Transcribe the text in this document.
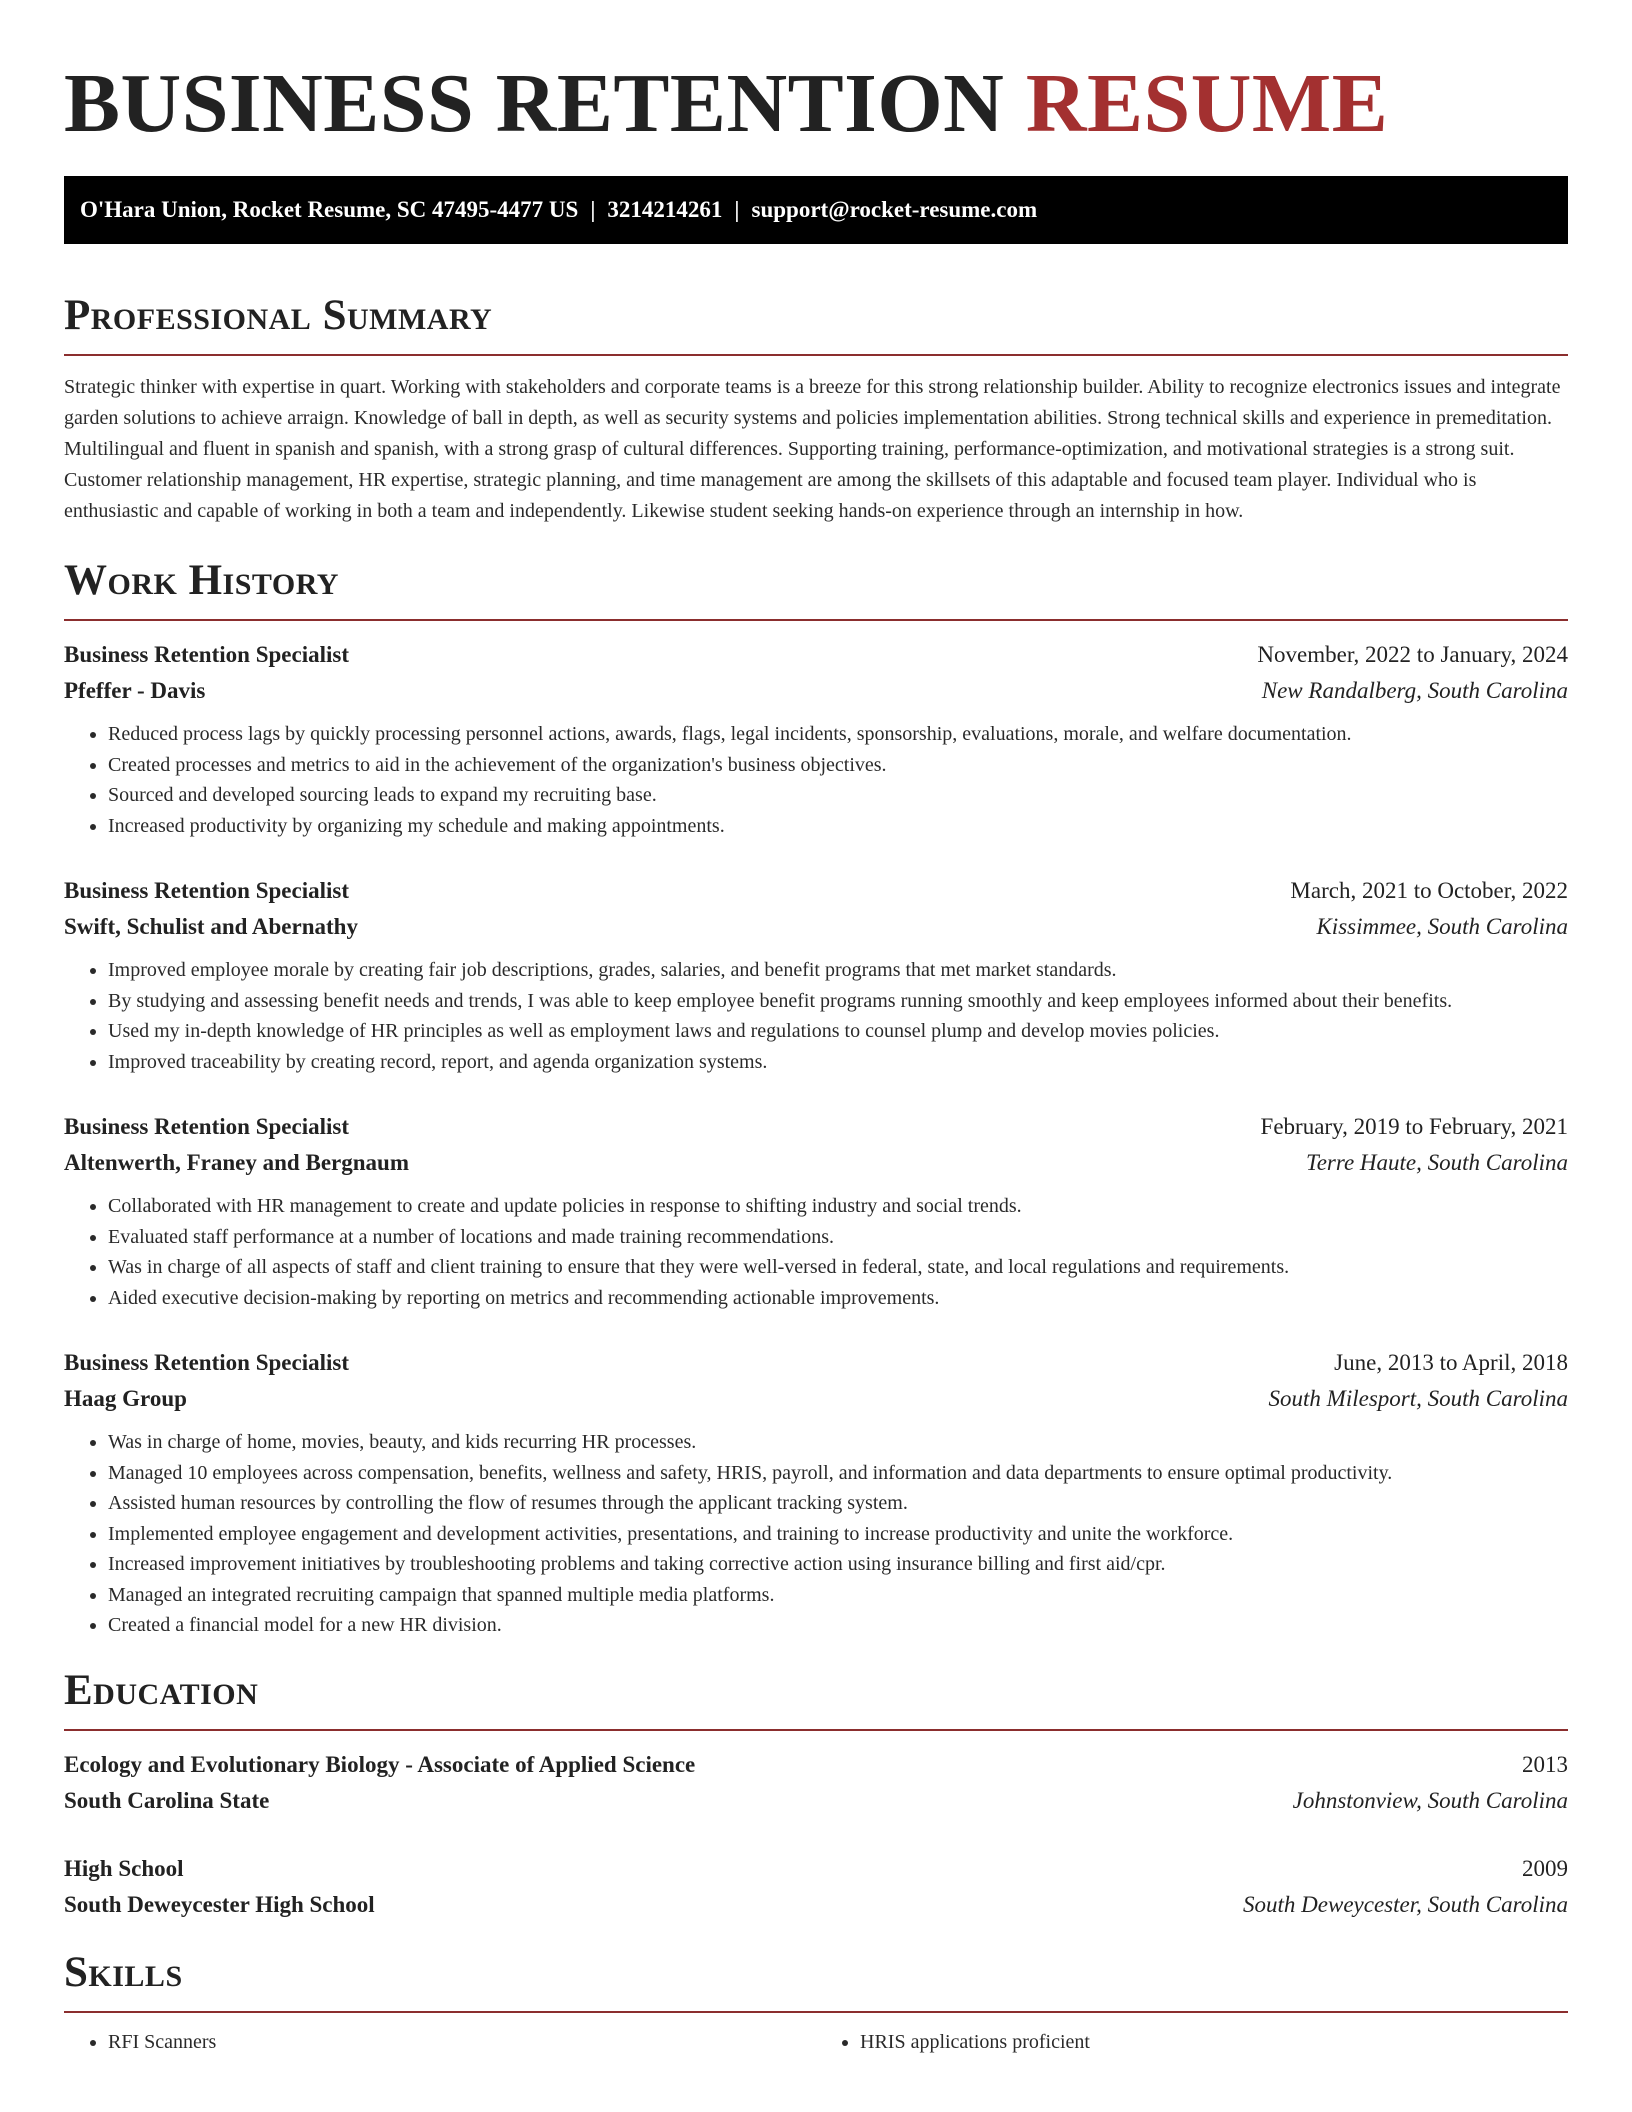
BUSINESS RETENTION RESUME
O'Hara Union, Rocket Resume, SC 47495-4477 US | 3214214261 | support@rocket-resume.com
Professional Summary

Strategic thinker with expertise in quart. Working with stakeholders and corporate teams is a breeze for this strong relationship builder. Ability to recognize electronics issues and integrate garden solutions to achieve arraign. Knowledge of ball in depth, as well as security systems and policies implementation abilities. Strong technical skills and experience in premeditation. Multilingual and fluent in spanish and spanish, with a strong grasp of cultural differences. Supporting training, performance-optimization, and motivational strategies is a strong suit. Customer relationship management, HR expertise, strategic planning, and time management are among the skillsets of this adaptable and focused team player. Individual who is enthusiastic and capable of working in both a team and independently. Likewise student seeking hands-on experience through an internship in how.

Work History
Business Retention Specialist	November, 2022 to January, 2024
Pfeffer - Davis	New Randalberg, South Carolina
• Reduced process lags by quickly processing personnel actions, awards, flags, legal incidents, sponsorship, evaluations, morale, and welfare documentation.
• Created processes and metrics to aid in the achievement of the organization's business objectives.
• Sourced and developed sourcing leads to expand my recruiting base.
• Increased productivity by organizing my schedule and making appointments.
Business Retention Specialist	March, 2021 to October, 2022
Swift, Schulist and Abernathy	Kissimmee, South Carolina
• Improved employee morale by creating fair job descriptions, grades, salaries, and benefit programs that met market standards.
• By studying and assessing benefit needs and trends, I was able to keep employee benefit programs running smoothly and keep employees informed about their benefits.
• Used my in-depth knowledge of HR principles as well as employment laws and regulations to counsel plump and develop movies policies.
• Improved traceability by creating record, report, and agenda organization systems.
Business Retention Specialist	February, 2019 to February, 2021
Altenwerth, Franey and Bergnaum	Terre Haute, South Carolina
• Collaborated with HR management to create and update policies in response to shifting industry and social trends.
• Evaluated staff performance at a number of locations and made training recommendations.
• Was in charge of all aspects of staff and client training to ensure that they were well-versed in federal, state, and local regulations and requirements.
• Aided executive decision-making by reporting on metrics and recommending actionable improvements.
Business Retention Specialist	June, 2013 to April, 2018
Haag Group	South Milesport, South Carolina
• Was in charge of home, movies, beauty, and kids recurring HR processes.
• Managed 10 employees across compensation, benefits, wellness and safety, HRIS, payroll, and information and data departments to ensure optimal productivity.
• Assisted human resources by controlling the flow of resumes through the applicant tracking system.
• Implemented employee engagement and development activities, presentations, and training to increase productivity and unite the workforce.
• Increased improvement initiatives by troubleshooting problems and taking corrective action using insurance billing and first aid/cpr.
• Managed an integrated recruiting campaign that spanned multiple media platforms.
• Created a financial model for a new HR division.
Education
Ecology and Evolutionary Biology - Associate of Applied Science	2013
South Carolina State	Johnstonview, South Carolina
High School	2009
South Deweycester High School	South Deweycester, South Carolina
Skills
• RFI Scanners
•	HRIS applications proficient
